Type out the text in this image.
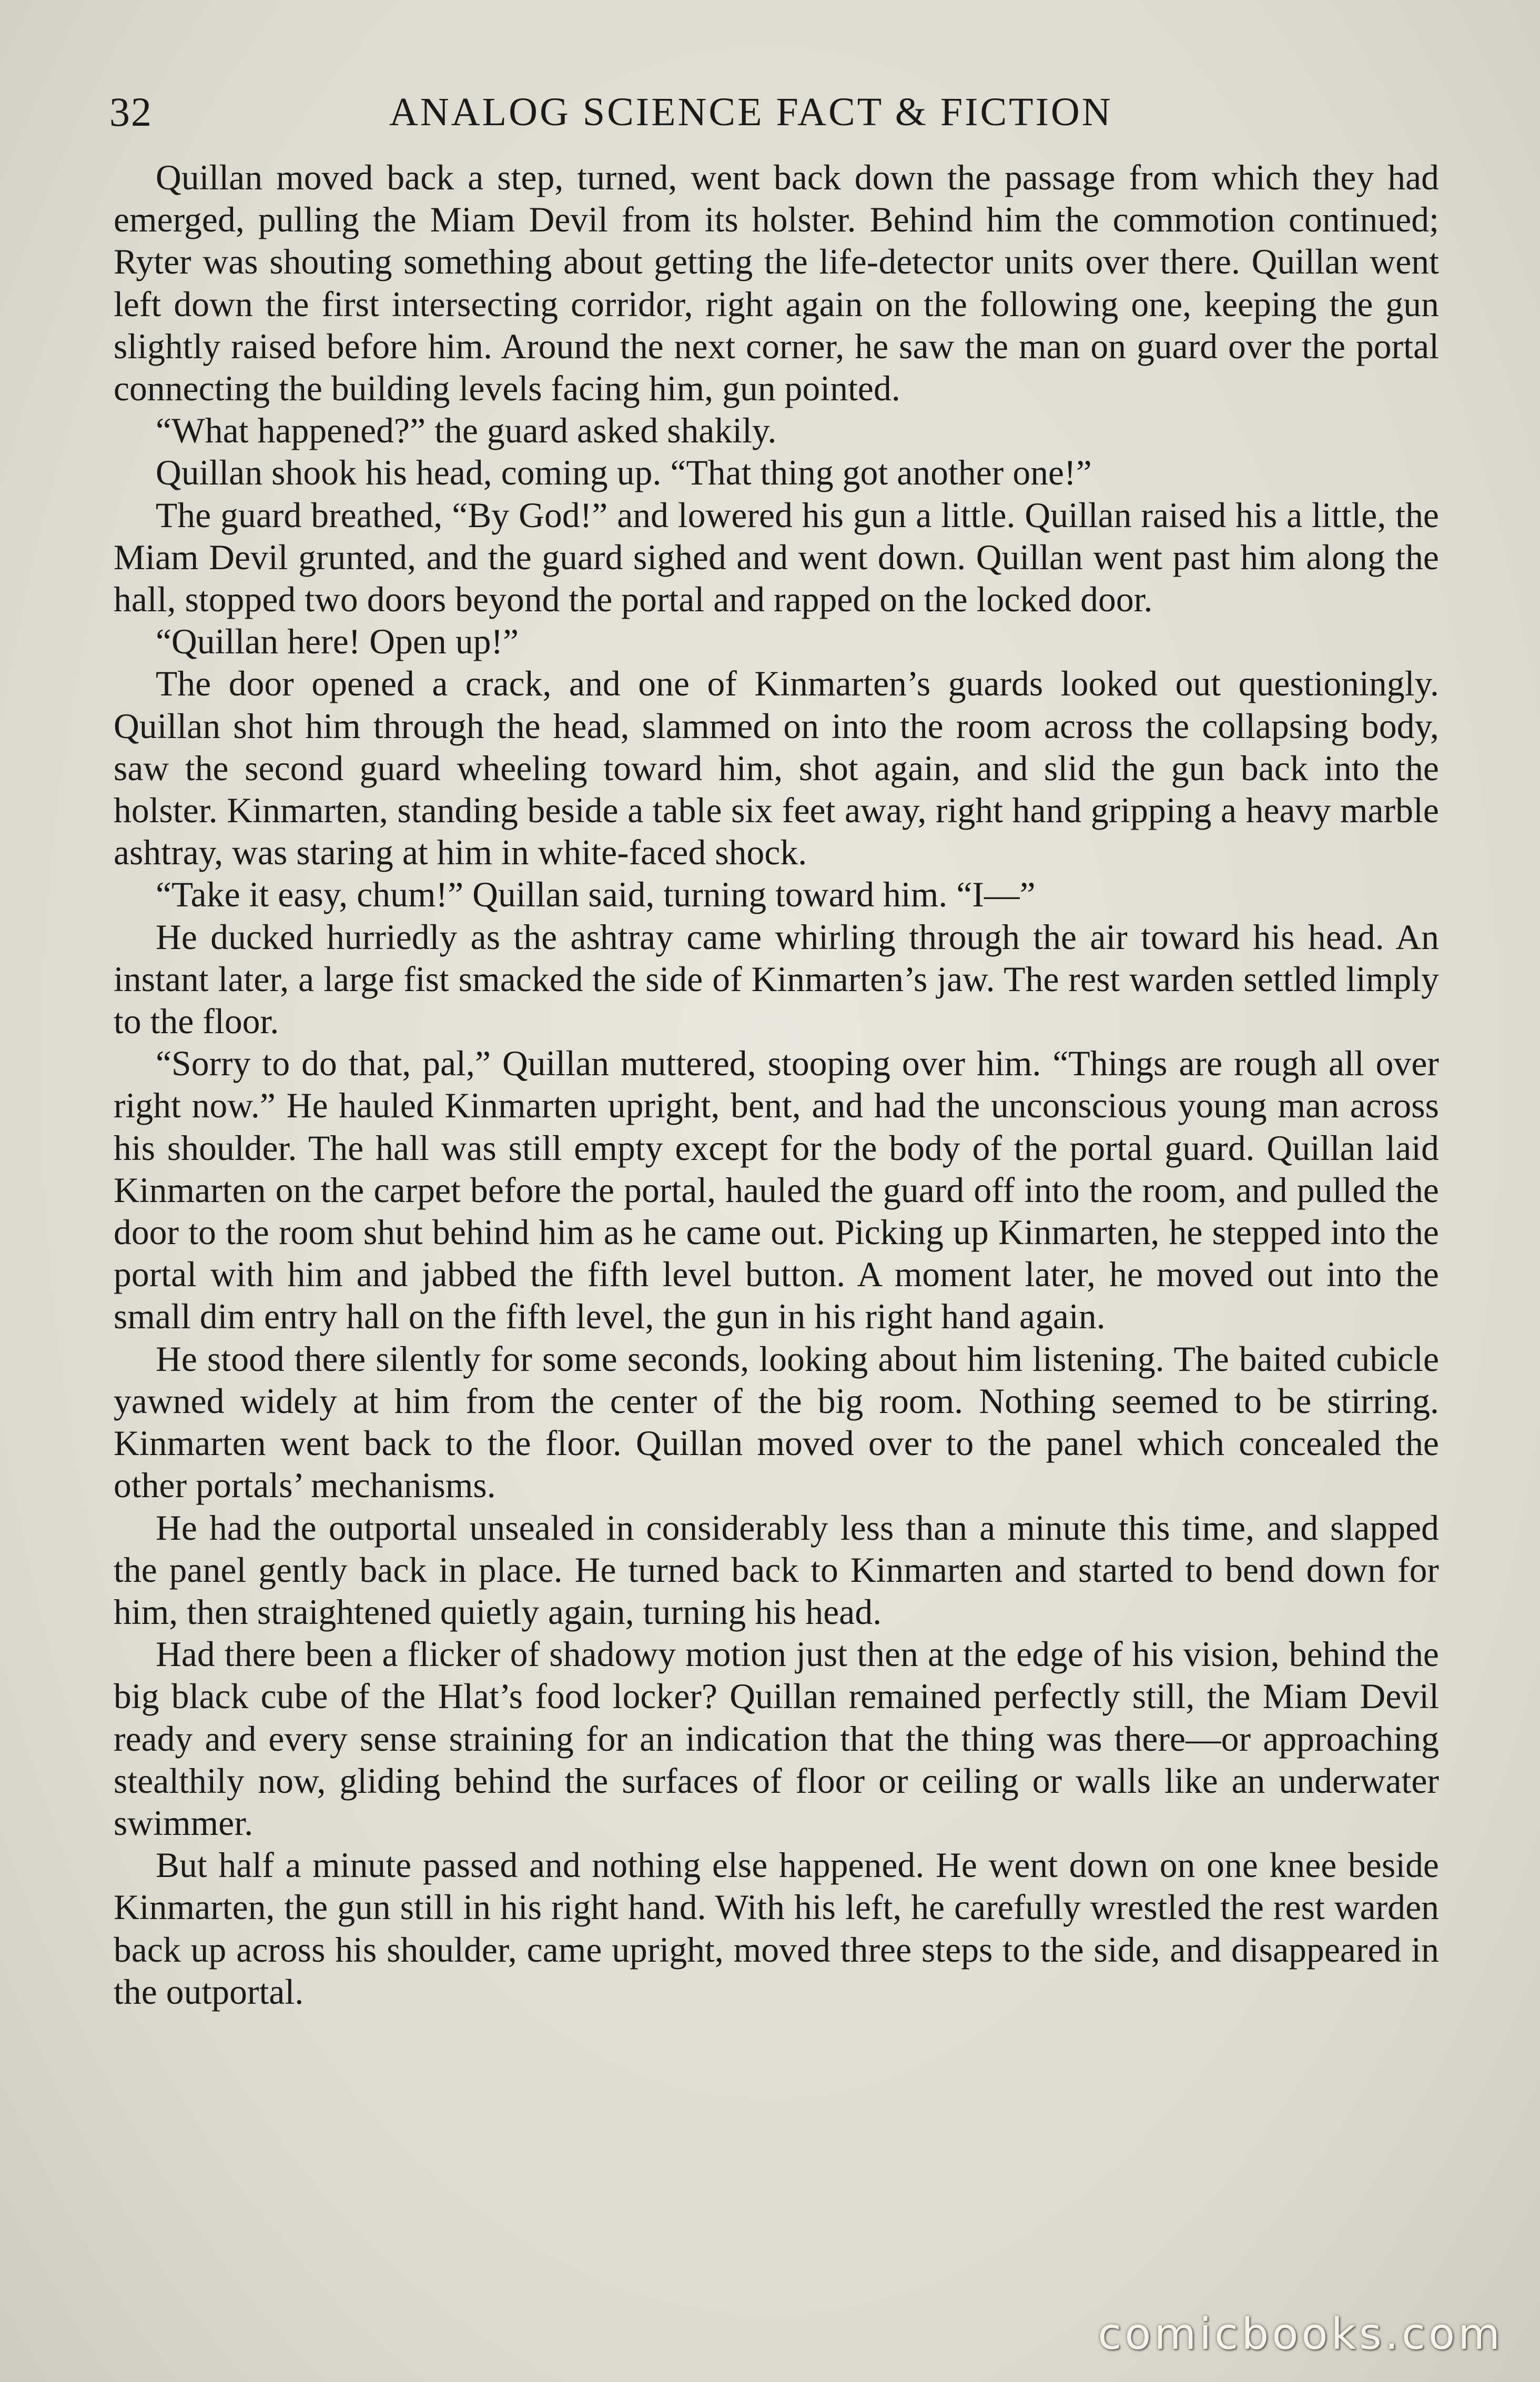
32	ANALOG SCIENCE FACT & FICTION

Quillan moved back a step, turned, went back down the passage from which they had emerged, pulling the Miam Devil from its holster. Behind him the commotion continued; Ryter was shouting something about getting the life-detector units over there. Quillan went left down the first intersecting corridor, right again on the following one, keeping the gun slightly raised before him. Around the next corner, he saw the man on guard over the portal connecting the building levels facing him, gun pointed.

“What happened?” the guard asked shakily.

Quillan shook his head, coming up. “That thing got another one!”

The guard breathed, “By God!” and lowered his gun a little. Quillan raised his a little, the Miam Devil grunted, and the guard sighed and went down. Quillan went past him along the hall, stopped two doors beyond the portal and rapped on the locked door.

“Quillan here! Open up!”

The door opened a crack, and one of Kinmarten’s guards looked out questioningly. Quillan shot him through the head, slammed on into the room across the collapsing body, saw the second guard wheeling toward him, shot again, and slid the gun back into the holster. Kinmarten, standing beside a table six feet away, right hand gripping a heavy marble ashtray, was staring at him in white-faced shock.

“Take it easy, chum!” Quillan said, turning toward him. “I—”

He ducked hurriedly as the ashtray came whirling through the air toward his head. An instant later, a large fist smacked the side of Kinmarten’s jaw. The rest warden settled limply to the floor.

“Sorry to do that, pal,” Quillan muttered, stooping over him. “Things are rough all over right now.” He hauled Kinmarten upright, bent, and had the unconscious young man across his shoulder. The hall was still empty except for the body of the portal guard. Quillan laid Kinmarten on the carpet before the portal, hauled the guard off into the room, and pulled the door to the room shut behind him as he came out. Picking up Kinmarten, he stepped into the portal with him and jabbed the fifth level button. A moment later, he moved out into the small dim entry hall on the fifth level, the gun in his right hand again.

He stood there silently for some seconds, looking about him listening. The baited cubicle yawned widely at him from the center of the big room. Nothing seemed to be stirring. Kinmarten went back to the floor. Quillan moved over to the panel which concealed the other portals’ mechanisms.

He had the outportal unsealed in considerably less than a minute this time, and slapped the panel gently back in place. He turned back to Kinmarten and started to bend down for him, then straightened quietly again, turning his head.

Had there been a flicker of shadowy motion just then at the edge of his vision, behind the big black cube of the Hlat’s food locker? Quillan remained perfectly still, the Miam Devil ready and every sense straining for an indication that the thing was there—or approaching stealthily now, gliding behind the surfaces of floor or ceiling or walls like an underwater swimmer.

But half a minute passed and nothing else happened. He went down on one knee beside Kinmarten, the gun still in his right hand. With his left, he carefully wrestled the rest warden back up across his shoulder, came upright, moved three steps to the side, and disappeared in the outportal.

comicbooks.com
